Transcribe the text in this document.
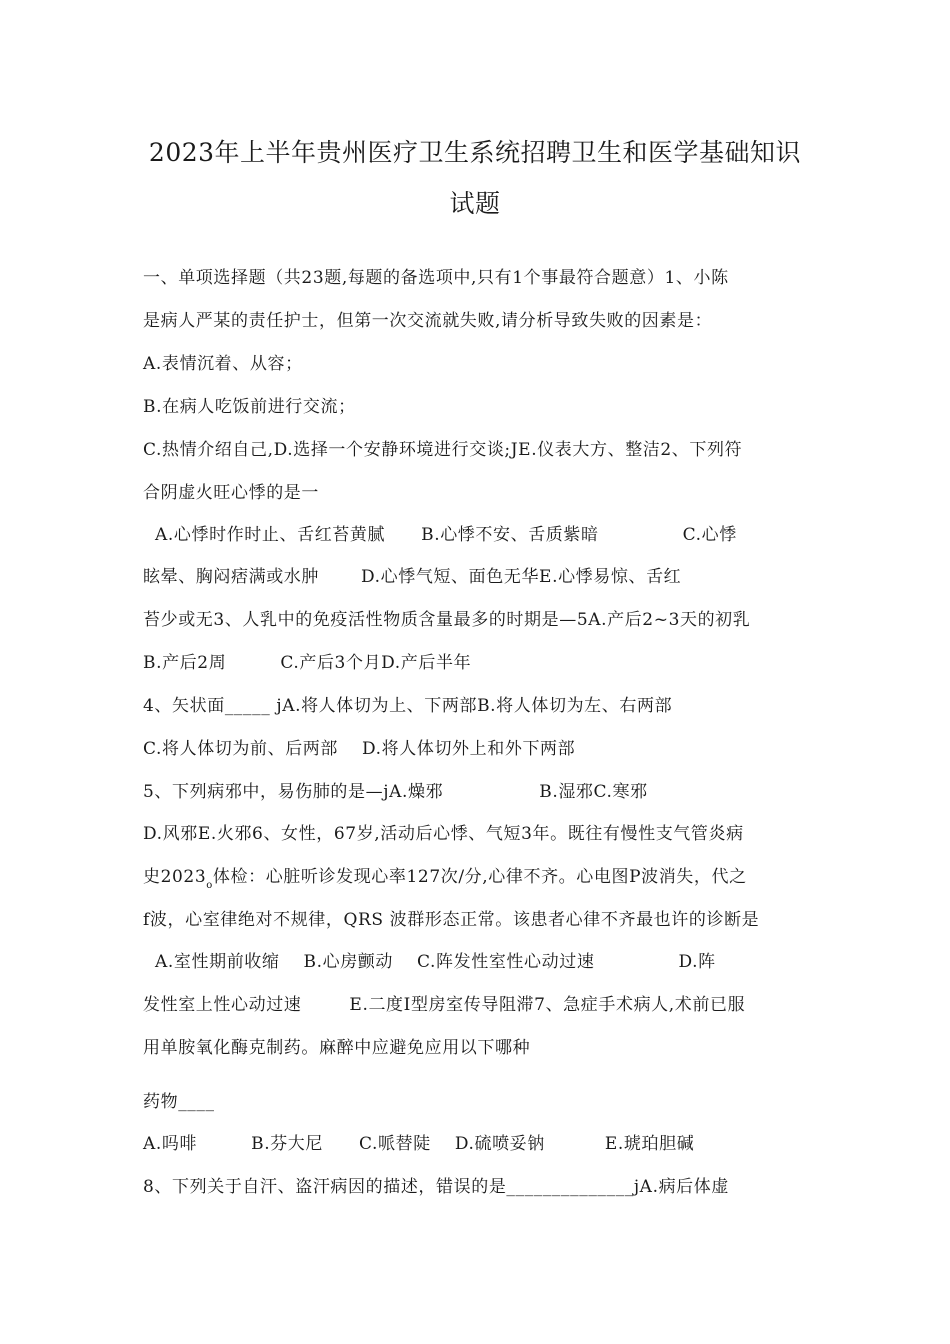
2023年上半年贵州医疗卫生系统招聘卫生和医学基础知识
试题
一、单项选择题（共23题,每题的备选项中,只有1个事最符合题意）1、小陈
是病人严某的责任护士，但第一次交流就失败,请分析导致失败的因素是：
A.表情沉着、从容；
B.在病人吃饭前进行交流；
C.热情介绍自己,D.选择一个安静环境进行交谈;JE.仪表大方、整洁2、下列符
合阴虚火旺心悸的是一
A.心悸时作时止、舌红苔黄腻      B.心悸不安、舌质紫暗              C.心悸
眩晕、胸闷痞满或水肿       D.心悸气短、面色无华E.心悸易惊、舌红
苔少或无3、人乳中的免疫活性物质含量最多的时期是—5A.产后2~3天的初乳
B.产后2周         C.产后3个月D.产后半年
4、矢状面_____ jA.将人体切为上、下两部B.将人体切为左、右两部
C.将人体切为前、后两部    D.将人体切外上和外下两部
5、下列病邪中，易伤肺的是—jA.燥邪                B.湿邪C.寒邪
D.风邪E.火邪6、女性，67岁,活动后心悸、气短3年。既往有慢性支气管炎病
史$2023_o$体检：心脏听诊发现心率127次/分,心律不齐。心电图P波消失，代之
f波，心室律绝对不规律，QRS 波群形态正常。该患者心律不齐最也许的诊断是
A.室性期前收缩    B.心房颤动    C.阵发性室性心动过速              D.阵
发性室上性心动过速        E.二度I型房室传导阻滞7、急症手术病人,术前已服
用单胺氧化酶克制药。麻醉中应避免应用以下哪种
药物____
A.吗啡         B.芬大尼      C.哌替陡    D.硫喷妥钠          E.琥珀胆碱
8、下列关于自汗、盗汗病因的描述，错误的是______________jA.病后体虚
